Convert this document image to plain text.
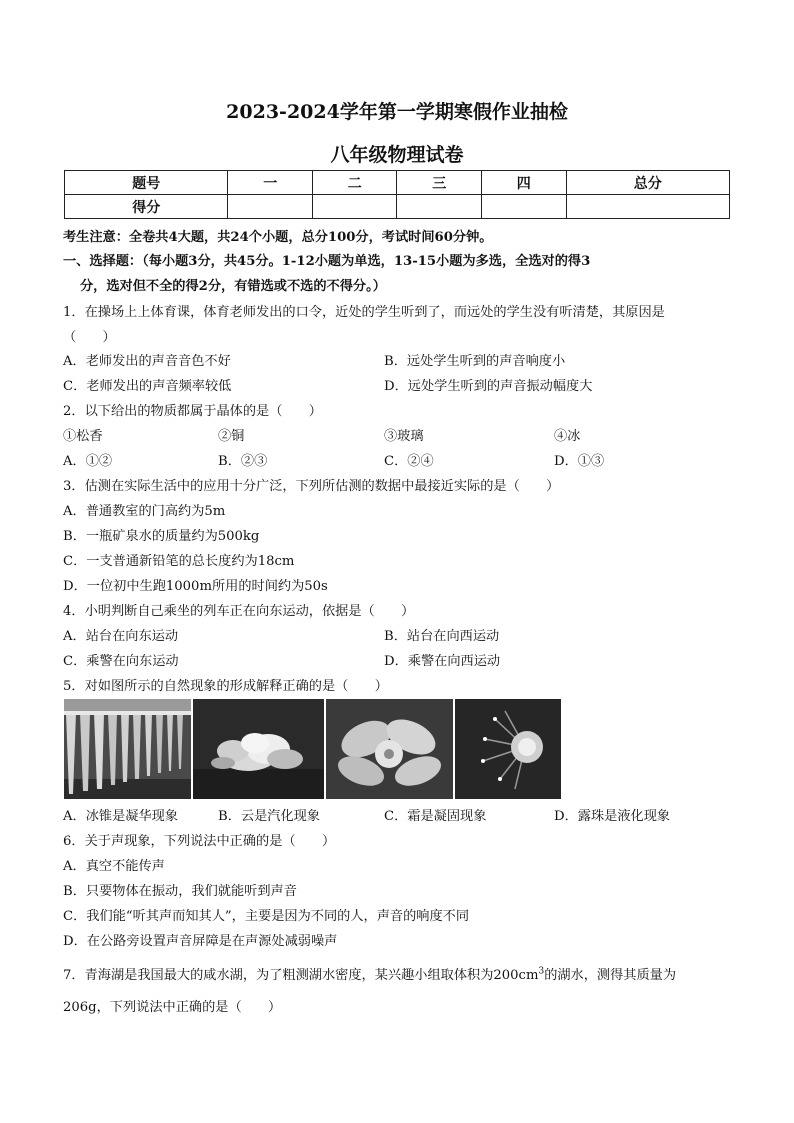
2023-2024学年第一学期寒假作业抽检
八年级物理试卷
题号	一	二	三	四	总分
得分					
考生注意：全卷共4大题，共24个小题，总分100分，考试时间60分钟。
一、选择题：（每小题3分，共45分。1-12小题为单选，13-15小题为多选，全选对的得3
分，选对但不全的得2分，有错选或不选的不得分。）
1．在操场上上体育课，体育老师发出的口令，近处的学生听到了，而远处的学生没有听清楚，其原因是
（　　）
A．老师发出的声音音色不好	B．远处学生听到的声音响度小
C．老师发出的声音频率较低	D．远处学生听到的声音振动幅度大
2．以下给出的物质都属于晶体的是（　　）
①松香	②铜	③玻璃	④冰
A．①②	B．②③	C．②④	D．①③
3．估测在实际生活中的应用十分广泛，下列所估测的数据中最接近实际的是（　　）
A．普通教室的门高约为5m
B．一瓶矿泉水的质量约为500kg
C．一支普通新铅笔的总长度约为18cm
D．一位初中生跑1000m所用的时间约为50s
4．小明判断自己乘坐的列车正在向东运动，依据是（　　）
A．站台在向东运动	B．站台在向西运动
C．乘警在向东运动	D．乘警在向西运动
5．对如图所示的自然现象的形成解释正确的是（　　）
A．冰锥是凝华现象	B．云是汽化现象	C．霜是凝固现象	D．露珠是液化现象
6．关于声现象，下列说法中正确的是（　　）
A．真空不能传声
B．只要物体在振动，我们就能听到声音
C．我们能“听其声而知其人”，主要是因为不同的人，声音的响度不同
D．在公路旁设置声音屏障是在声源处减弱噪声
7．青海湖是我国最大的咸水湖，为了粗测湖水密度，某兴趣小组取体积为$200cm^3$的湖水，测得其质量为
206g，下列说法中正确的是（　　）
